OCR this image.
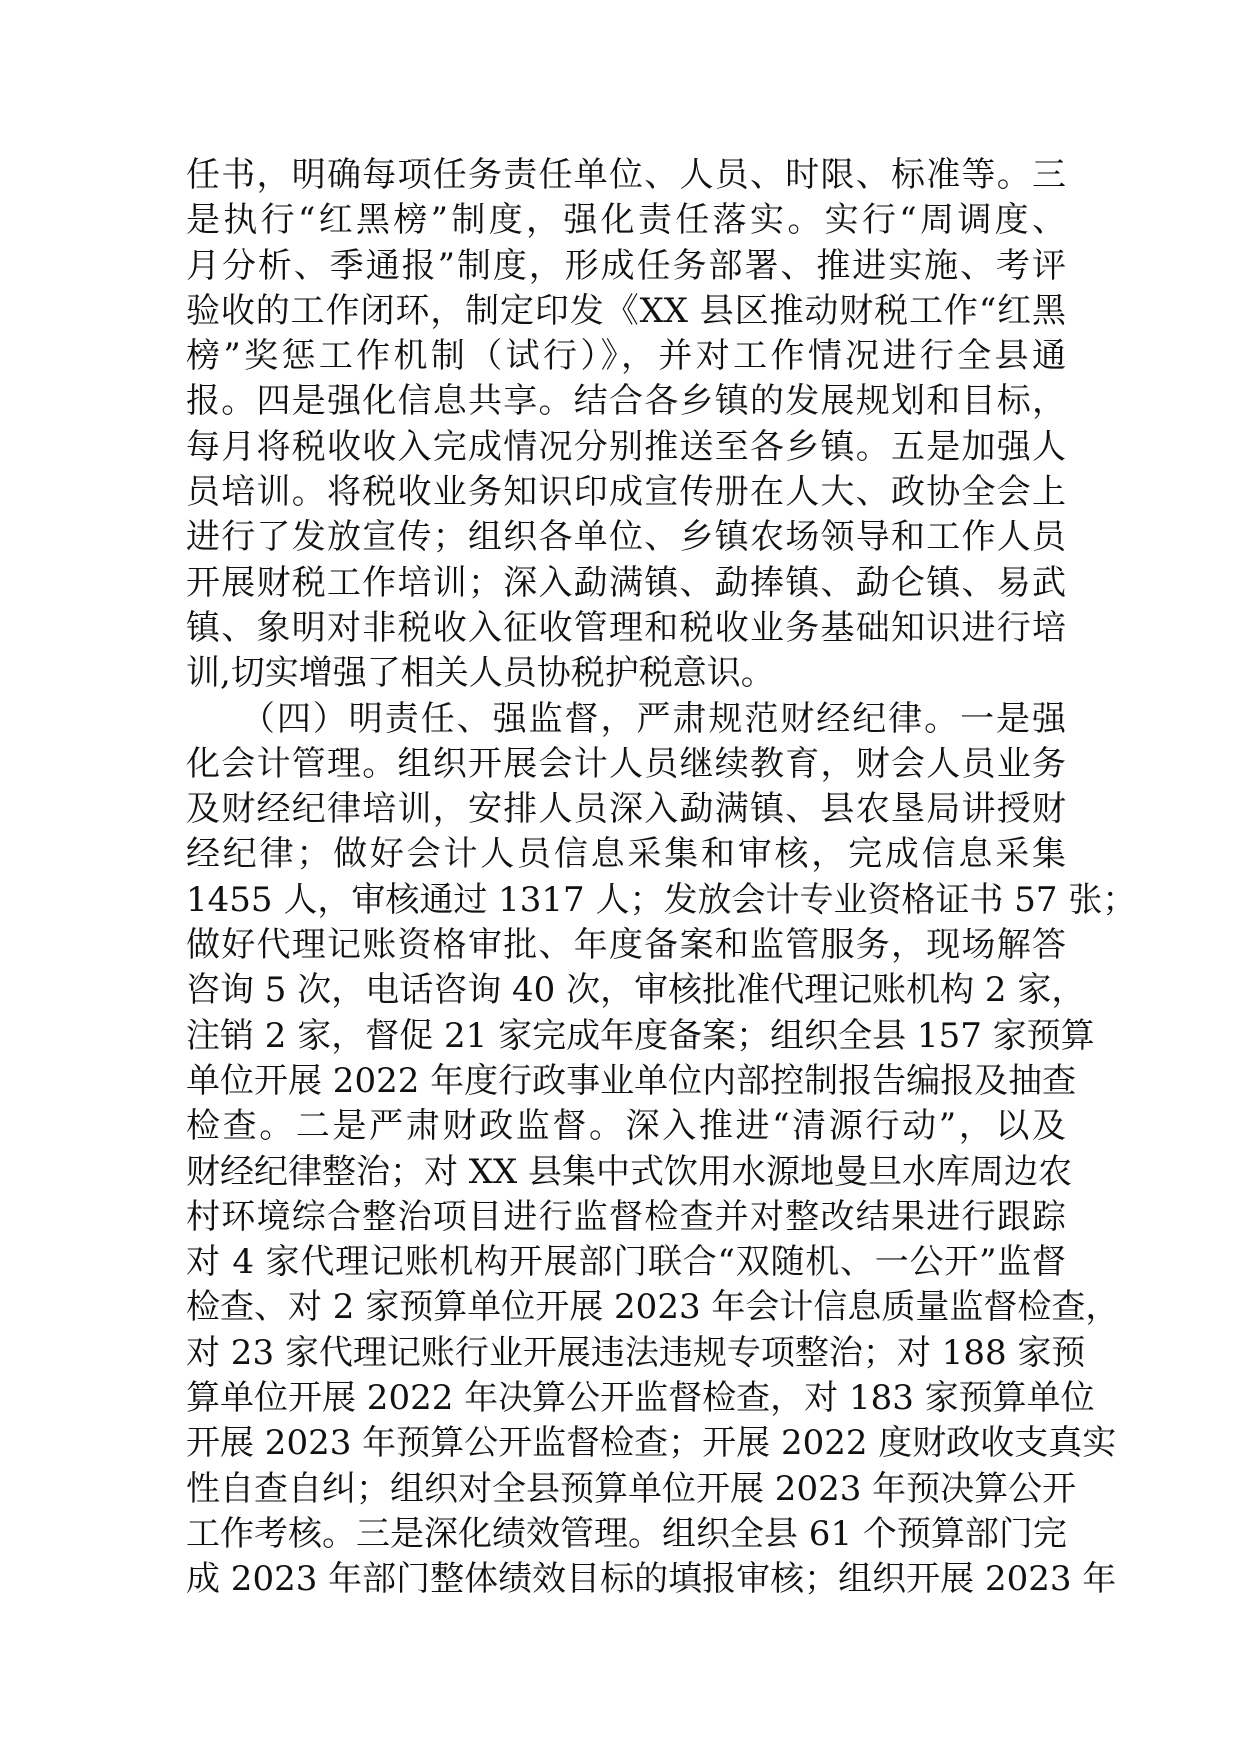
任书，明确每项任务责任单位、人员、时限、标准等。三
是执行“红黑榜”制度，强化责任落实。实行“周调度、
月分析、季通报”制度，形成任务部署、推进实施、考评
验收的工作闭环，制定印发《XX 县区推动财税工作“红黑
榜”奖惩工作机制（试行）》，并对工作情况进行全县通
报。四是强化信息共享。结合各乡镇的发展规划和目标，
每月将税收收入完成情况分别推送至各乡镇。五是加强人
员培训。将税收业务知识印成宣传册在人大、政协全会上
进行了发放宣传；组织各单位、乡镇农场领导和工作人员
开展财税工作培训；深入勐满镇、勐捧镇、勐仑镇、易武
镇、象明对非税收入征收管理和税收业务基础知识进行培
训,切实增强了相关人员协税护税意识。
　　（四）明责任、强监督，严肃规范财经纪律。一是强
化会计管理。组织开展会计人员继续教育，财会人员业务
及财经纪律培训，安排人员深入勐满镇、县农垦局讲授财
经纪律；做好会计人员信息采集和审核，完成信息采集
1455 人，审核通过 1317 人；发放会计专业资格证书 57 张；
做好代理记账资格审批、年度备案和监管服务，现场解答
咨询 5 次，电话咨询 40 次，审核批准代理记账机构 2 家，
注销 2 家，督促 21 家完成年度备案；组织全县 157 家预算
单位开展 2022 年度行政事业单位内部控制报告编报及抽查
检查。二是严肃财政监督。深入推进“清源行动”，以及
财经纪律整治；对 XX 县集中式饮用水源地曼旦水库周边农
村环境综合整治项目进行监督检查并对整改结果进行跟踪
对 4 家代理记账机构开展部门联合“双随机、一公开”监督
检查、对 2 家预算单位开展 2023 年会计信息质量监督检查，
对 23 家代理记账行业开展违法违规专项整治；对 188 家预
算单位开展 2022 年决算公开监督检查，对 183 家预算单位
开展 2023 年预算公开监督检查；开展 2022 度财政收支真实
性自查自纠；组织对全县预算单位开展 2023 年预决算公开
工作考核。三是深化绩效管理。组织全县 61 个预算部门完
成 2023 年部门整体绩效目标的填报审核；组织开展 2023 年
